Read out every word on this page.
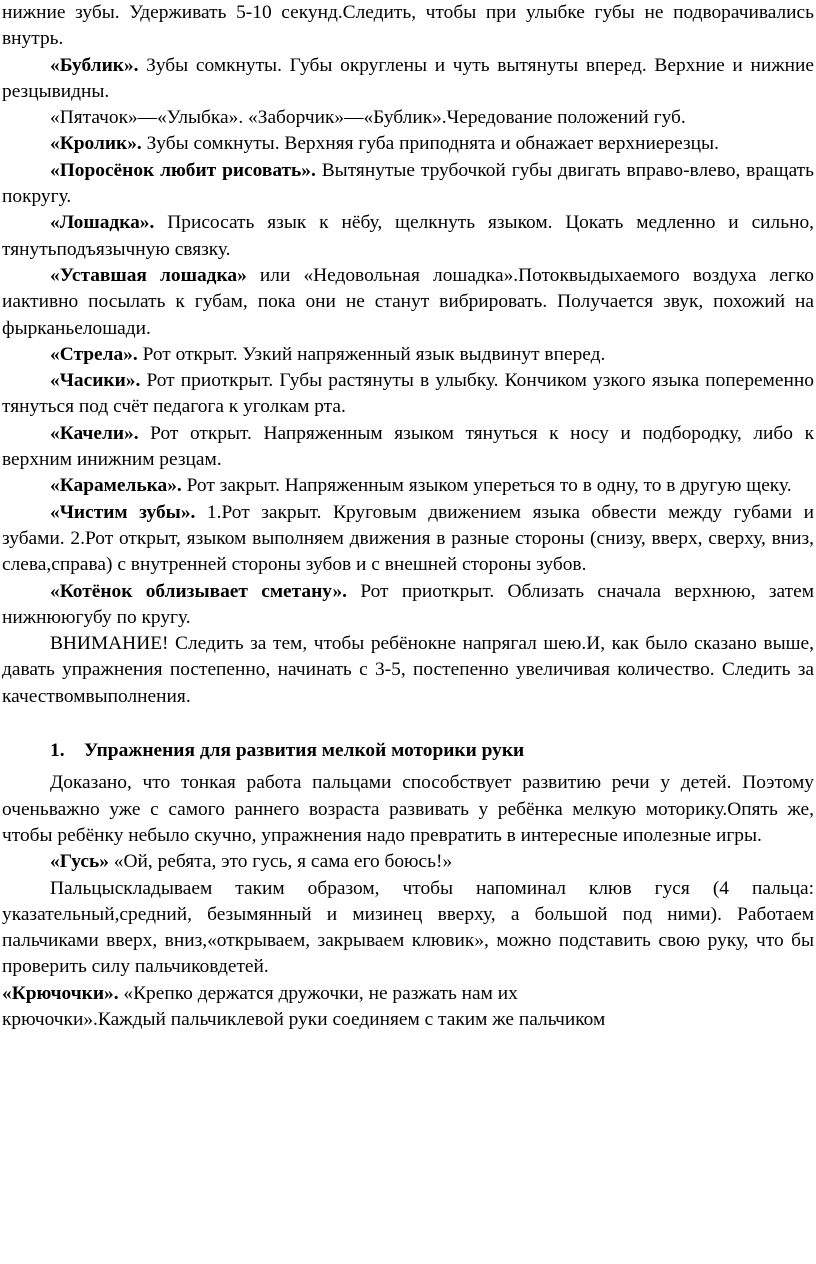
нижние зубы. Удерживать 5-10 секунд.Следить, чтобы при улыбке губы не подворачивались внутрь.

«Бублик». Зубы сомкнуты. Губы округлены и чуть вытянуты вперед. Верхние и нижние резцывидны.

«Пятачок»—«Улыбка». «Заборчик»—«Бублик».Чередование положений губ.

«Кролик». Зубы сомкнуты. Верхняя губа приподнята и обнажает верхниерезцы.

«Поросёнок любит рисовать». Вытянутые трубочкой губы двигать вправо-влево, вращать покругу.

«Лошадка». Присосать язык к нёбу, щелкнуть языком. Цокать медленно и сильно, тянутьподъязычную связку.

«Уставшая лошадка» или «Недовольная лошадка».Потоквыдыхаемого воздуха легко иактивно посылать к губам, пока они не станут вибрировать. Получается звук, похожий на фырканьелошади.

«Стрела». Рот открыт. Узкий напряженный язык выдвинут вперед.

«Часики». Рот приоткрыт. Губы растянуты в улыбку. Кончиком узкого языка попеременно тянуться под счёт педагога к уголкам рта.

«Качели». Рот открыт. Напряженным языком тянуться к носу и подбородку, либо к верхним инижним резцам.

«Карамелька». Рот закрыт. Напряженным языком упереться то в одну, то в другую щеку.

«Чистим зубы». 1.Рот закрыт. Круговым движением языка обвести между губами и зубами. 2.Рот открыт, языком выполняем движения в разные стороны (снизу, вверх, сверху, вниз, слева,справа) с внутренней стороны зубов и с внешней стороны зубов.

«Котёнок облизывает сметану». Рот приоткрыт. Облизать сначала верхнюю, затем нижнююгубу по кругу.

ВНИМАНИЕ! Следить за тем, чтобы ребёнокне напрягал шею.И, как было сказано выше, давать упражнения постепенно, начинать с 3-5, постепенно увеличивая количество. Следить за качествомвыполнения.

1. Упражнения для развития мелкой моторики руки

Доказано, что тонкая работа пальцами способствует развитию речи у детей. Поэтому оченьважно уже с самого раннего возраста развивать у ребёнка мелкую моторику.Опять же, чтобы ребёнку небыло скучно, упражнения надо превратить в интересные иполезные игры.

«Гусь» «Ой, ребята, это гусь, я сама его боюсь!»

Пальцыскладываем таким образом, чтобы напоминал клюв гуся (4 пальца: указательный,средний, безымянный и мизинец вверху, а большой под ними). Работаем пальчиками вверх, вниз,«открываем, закрываем клювик», можно подставить свою руку, что бы проверить силу пальчиковдетей.

«Крючочки». «Крепко держатся дружочки, не разжать нам их

крючочки».Каждый пальчиклевой руки соединяем с таким же пальчиком
